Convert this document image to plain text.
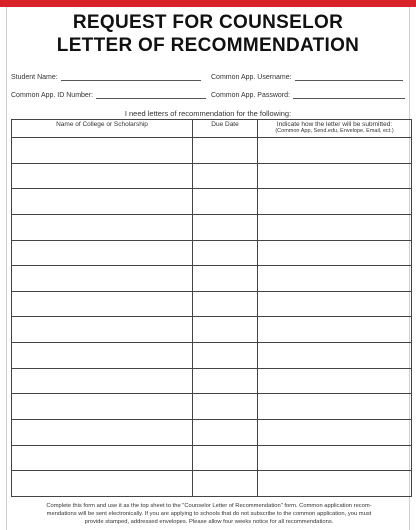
REQUEST FOR COUNSELOR
LETTER OF RECOMMENDATION
Student Name:	Common App. Username:
Common App. ID Number:	Common App. Password:
I need letters of recommendation for the following:
Name of College or Scholarship	Due Date	Indicate how the letter will be submitted:
(Common App, Send.edu, Envelope, Email, ect.)

Complete this form and use it as the top sheet to the "Counselor Letter of Recommendation" form. Common application recom-
mendations will be sent electronically. If you are applying to schools that do not subscribe to the common application, you must
provide stamped, addressed envelopes. Please allow four weeks notice for all recommendations.
